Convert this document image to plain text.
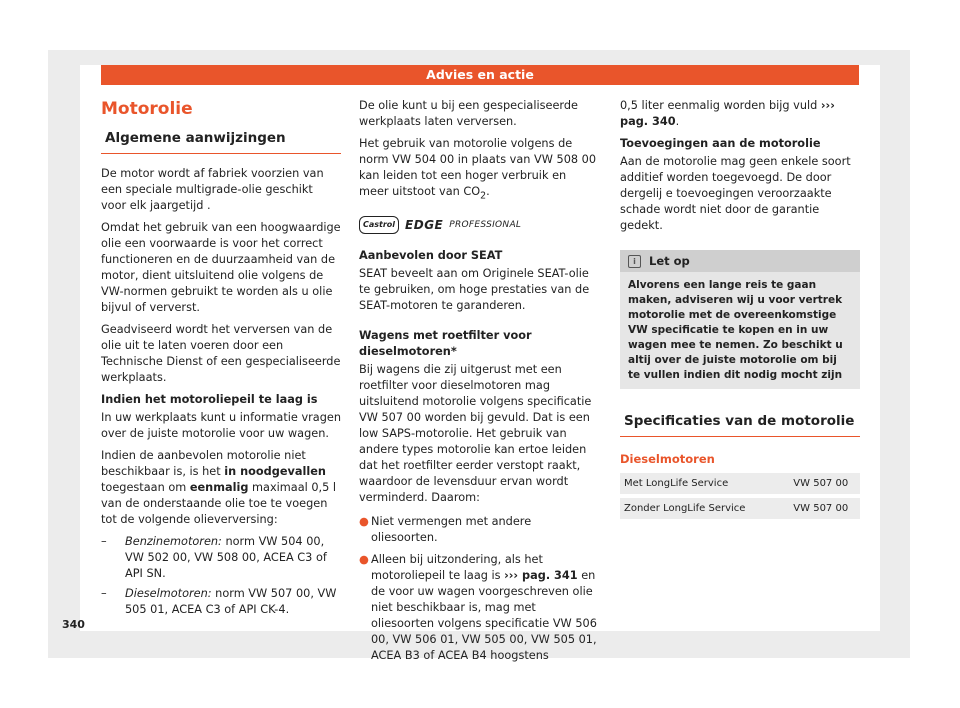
Advies en actie
Motorolie
Algemene aanwijzingen

De motor wordt af fabriek voorzien van een speciale multigrade-olie geschikt voor elk jaargetijd .

Omdat het gebruik van een hoogwaardige olie een voorwaarde is voor het correct functioneren en de duurzaamheid van de motor, dient uitsluitend olie volgens de VW-normen gebruikt te worden als u olie bijvul of ververst.

Geadviseerd wordt het verversen van de olie uit te laten voeren door een Technische Dienst of een gespecialiseerde werkplaats.

Indien het motoroliepeil te laag is

In uw werkplaats kunt u informatie vragen over de juiste motorolie voor uw wagen.

Indien de aanbevolen motorolie niet beschikbaar is, is het in noodgevallen toegestaan om eenmalig maximaal 0,5 l van de onderstaande olie toe te voegen tot de volgende olieverversing:

– Benzinemotoren: norm VW 504 00, VW 502 00, VW 508 00, ACEA C3 of API SN.
– Dieselmotoren: norm VW 507 00, VW 505 01, ACEA C3 of API CK-4.

De olie kunt u bij een gespecialiseerde werkplaats laten verversen.

Het gebruik van motorolie volgens de norm VW 504 00 in plaats van VW 508 00 kan leiden tot een hoger verbruik en meer uitstoot van $CO_2$.

Castrol EDGE PROFESSIONAL
Aanbevolen door SEAT

SEAT beveelt aan om Originele SEAT-olie te gebruiken, om hoge prestaties van de SEAT-motoren te garanderen.

Wagens met roetfilter voor dieselmotoren*

Bij wagens die zij uitgerust met een roetfilter voor dieselmotoren mag uitsluitend motorolie volgens specificatie VW 507 00 worden bij gevuld. Dat is een low SAPS-motorolie. Het gebruik van andere types motorolie kan ertoe leiden dat het roetfilter eerder verstopt raakt, waardoor de levensduur ervan wordt verminderd. Daarom:

● Niet vermengen met andere oliesoorten.
● Alleen bij uitzondering, als het motoroliepeil te laag is ››› pag. 341 en de voor uw wagen voorgeschreven olie niet beschikbaar is, mag met oliesoorten volgens specificatie VW 506 00, VW 506 01, VW 505 00, VW 505 01, ACEA B3 of ACEA B4 hoogstens

0,5 liter eenmalig worden bijg vuld ››› pag. 340.

Toevoegingen aan de motorolie

Aan de motorolie mag geen enkele soort additief worden toegevoegd. De door dergelij e toevoegingen veroorzaakte schade wordt niet door de garantie gedekt.

i	Let op
Alvorens een lange reis te gaan maken, adviseren wij u voor vertrek motorolie met de overeenkomstige VW specificatie te kopen en in uw wagen mee te nemen. Zo beschikt u altij over de juiste motorolie om bij te vullen indien dit nodig mocht zijn
Specificaties van de motorolie
Dieselmotoren
Met LongLife Service	VW 507 00
Zonder LongLife Service	VW 507 00
340
